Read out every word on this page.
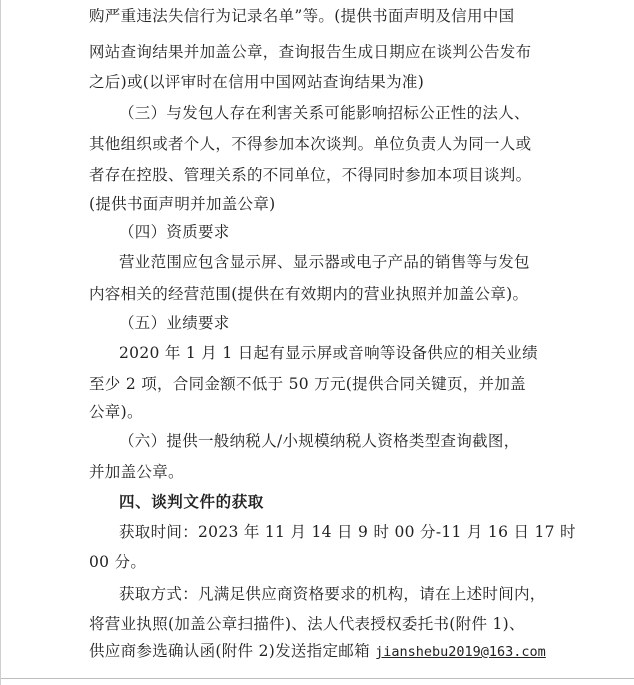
购严重违法失信行为记录名单”等。(提供书面声明及信用中国
网站查询结果并加盖公章，查询报告生成日期应在谈判公告发布
之后)或(以评审时在信用中国网站查询结果为准)
（三）与发包人存在利害关系可能影响招标公正性的法人、
其他组织或者个人，不得参加本次谈判。单位负责人为同一人或
者存在控股、管理关系的不同单位，不得同时参加本项目谈判。
(提供书面声明并加盖公章)
（四）资质要求
营业范围应包含显示屏、显示器或电子产品的销售等与发包
内容相关的经营范围(提供在有效期内的营业执照并加盖公章)。
（五）业绩要求
2020 年 1 月 1 日起有显示屏或音响等设备供应的相关业绩
至少 2 项，合同金额不低于 50 万元(提供合同关键页，并加盖
公章)。
（六）提供一般纳税人/小规模纳税人资格类型查询截图，
并加盖公章。
四、谈判文件的获取
获取时间：2023 年 11 月 14 日 9 时 00 分-11 月 16 日 17 时
00 分。
获取方式：凡满足供应商资格要求的机构，请在上述时间内，
将营业执照(加盖公章扫描件)、法人代表授权委托书(附件 1)、
供应商参选确认函(附件 2)发送指定邮箱 jianshebu2019@163.com
